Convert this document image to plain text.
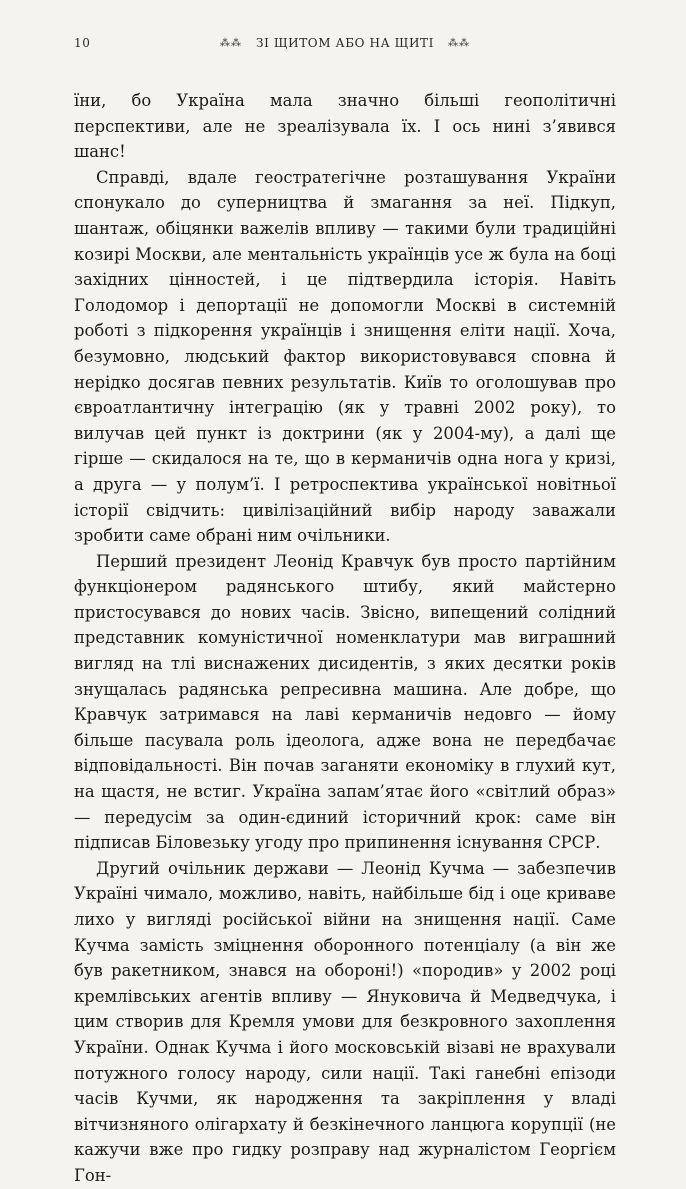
10	⁂⁂ ЗІ ЩИТОМ АБО НА ЩИТІ ⁂⁂

їни, бо Україна мала значно більші геополітичні перспективи, але не зреалізувала їх. І ось нині з’явився шанс!

Справді, вдале геостратегічне розташування України спонукало до суперництва й змагання за неї. Підкуп, шантаж, обіцянки важелів впливу — такими були традиційні козирі Москви, але ментальність українців усе ж була на боці західних цінностей, і це підтвердила історія. Навіть Голодомор і депортації не допомогли Москві в системній роботі з підкорення українців і знищення еліти нації. Хоча, безумовно, людський фактор використовувався сповна й нерідко досягав певних результатів. Київ то оголошував про євроатлантичну інтеграцію (як у травні 2002 року), то вилучав цей пункт із доктрини (як у 2004-му), а далі ще гірше — скидалося на те, що в керманичів одна нога у кризі, а друга — у полум’ї. І ретроспектива української новітньої історії свідчить: цивілізаційний вибір народу заважали зробити саме обрані ним очільники.

Перший президент Леонід Кравчук був просто партійним функціонером радянського штибу, який майстерно пристосувався до нових часів. Звісно, випещений солідний представник комуністичної номенклатури мав виграшний вигляд на тлі виснажених дисидентів, з яких десятки років знущалась радянська репресивна машина. Але добре, що Кравчук затримався на лаві керманичів недовго — йому більше пасувала роль ідеолога, адже вона не передбачає відповідальності. Він почав заганяти економіку в глухий кут, на щастя, не встиг. Україна запам’ятає його «світлий образ» — передусім за один-єдиний історичний крок: саме він підписав Біловезьку угоду про припинення існування СРСР.

Другий очільник держави — Леонід Кучма — забезпечив Україні чимало, можливо, навіть, найбільше бід і оце криваве лихо у вигляді російської війни на знищення нації. Саме Кучма замість зміцнення оборонного потенціалу (а він же був ракетником, знався на обороні!) «породив» у 2002 році кремлівських агентів впливу — Януковича й Медведчука, і цим створив для Кремля умови для безкровного захоплення України. Однак Кучма і його московській візаві не врахували потужного голосу народу, сили нації. Такі ганебні епізоди часів Кучми, як народження та закріплення у владі вітчизняного олігархату й безкінечного ланцюга корупції (не кажучи вже про гидку розправу над журналістом Георгієм Гон-
